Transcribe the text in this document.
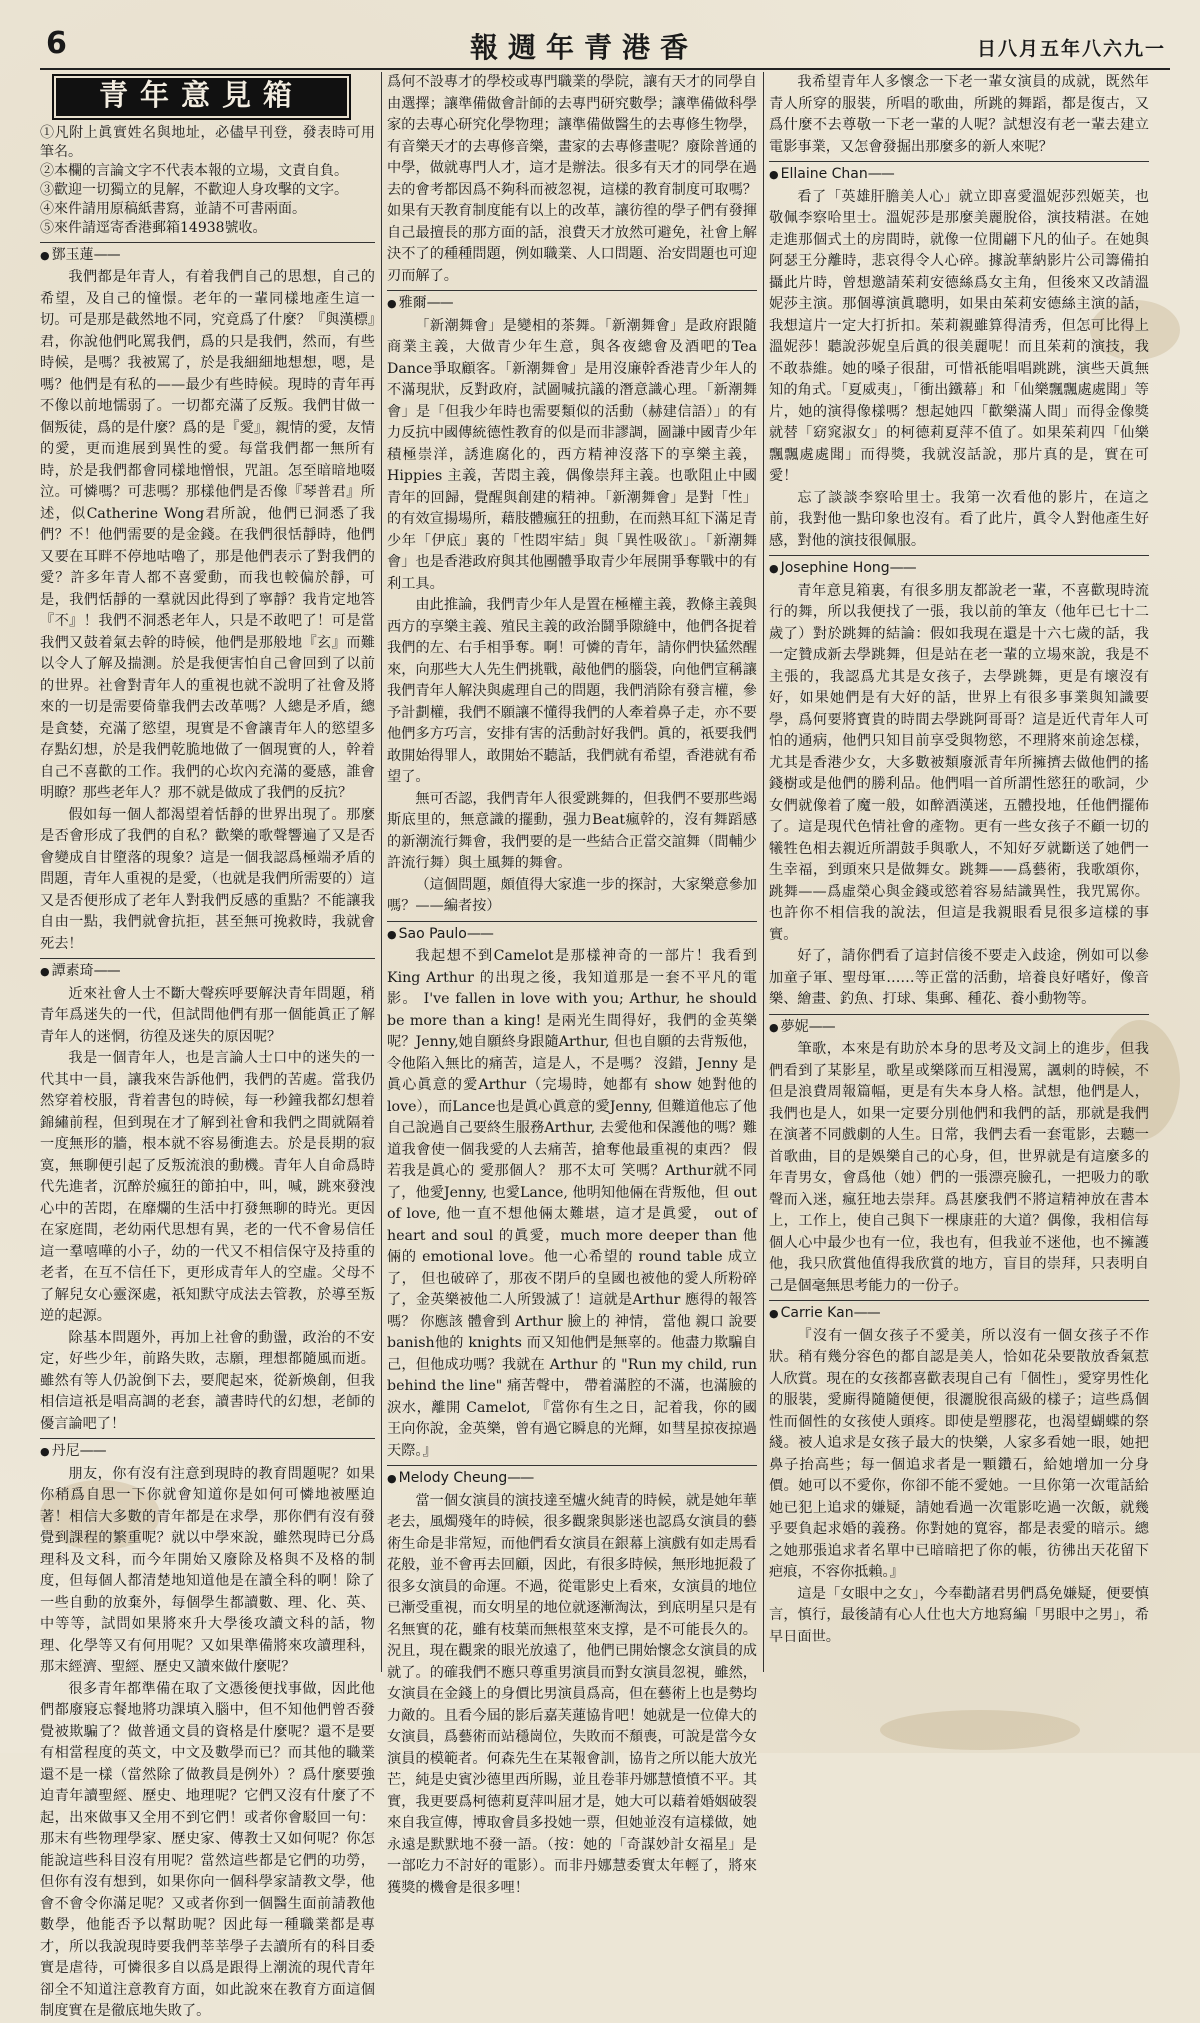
6	報週年青港香	日八月五年八六九一
青年意見箱
①凡附上眞實姓名與地址，必儘早刊登，發表時可用筆名。
②本欄的言論文字不代表本報的立場，文責自負。
③歡迎一切獨立的見解，不歡迎人身攻擊的文字。
④來件請用原稿紙書寫，並請不可書兩面。
⑤來件請逕寄香港郵箱14938號收。
● 鄧玉蓮——

我們都是年青人，有着我們自己的思想，自己的希望，及自己的憧憬。老年的一輩同樣地產生這一切。可是那是截然地不同，究竟爲了什麼？『與漢標』君，你說他們叱罵我們，爲的只是我們，然而，有些時候，是嗎？我被罵了，於是我細細地想想，嗯，是嗎？他們是有私的——最少有些時候。現時的青年再不像以前地懦弱了。一切都充滿了反叛。我們甘做一個叛徒，爲的是什麼？爲的是『愛』，親情的愛，友情的愛，更而進展到異性的愛。每當我們都一無所有時，於是我們都會同樣地憎恨，咒詛。怎至暗暗地啜泣。可憐嗎？可悲嗎？那樣他們是否像『琴普君』所述，似Catherine Wong君所說，他們已洞悉了我們？不！他們需要的是金錢。在我們很恬靜時，他們又要在耳畔不停地咕嚕了，那是他們表示了對我們的愛？許多年青人都不喜愛動，而我也較偏於靜，可是，我們恬靜的一羣就因此得到了寧靜？我肯定地答『不』！我們不洞悉老年人，只是不敢吧了！可是當我們又鼓着氣去幹的時候，他們是那般地『玄』而難以令人了解及揣測。於是我便害怕自己會回到了以前的世界。社會對青年人的重視也就不說明了社會及將來的一切是需要倚靠我們去改革嗎？人總是矛盾，總是貪婪，充滿了慾望，現實是不會讓青年人的慾望多存點幻想，於是我們乾脆地做了一個現實的人，幹着自己不喜歡的工作。我們的心坎內充滿的憂感，誰會明瞭？那些老年人？那不就是做成了我們的反抗？

假如每一個人都渴望着恬靜的世界出現了。那麼是否會形成了我們的自私？歡樂的歌聲響遍了又是否會變成自甘墮落的現象？這是一個我認爲極端矛盾的問題，青年人重視的是愛，（也就是我們所需要的）這又是否便形成了老年人對我們反感的重點？不能讓我自由一點，我們就會抗拒，甚至無可挽救時，我就會死去！

● 譚素琦——

近來社會人士不斷大聲疾呼要解決青年問題，稍青年爲迷失的一代，但試問他們有那一個能眞正了解青年人的迷惘，彷徨及迷失的原因呢？

我是一個青年人，也是言論人士口中的迷失的一代其中一員，讓我來告訴他們，我們的苦處。當我仍然穿着校服，背着書包的時候，每一秒鐘我都幻想着錦繡前程，但到現在才了解到社會和我們之間就隔着一度無形的牆，根本就不容易衝進去。於是長期的寂寞，無聊便引起了反叛流浪的動機。青年人自命爲時代先進者，沉醉於瘋狂的節拍中，叫，喊，跳來發洩心中的苦悶，在靡爛的生活中打發無聊的時光。更因在家庭間，老幼兩代思想有異，老的一代不會易信任這一羣嘻嘩的小子，幼的一代又不相信保守及持重的老者，在互不信任下，更形成青年人的空虛。父母不了解兒女心靈深處，祇知默守成法去管教，於導至叛逆的起源。

除基本問題外，再加上社會的動盪，政治的不安定，好些少年，前路失敗，志願，理想都隨風而逝。雖然有等人仍說倒下去，要爬起來，從新煥創，但我相信這祇是唱高調的老套，讀書時代的幻想，老師的優言論吧了！

● 丹尼——

朋友，你有沒有注意到現時的教育問題呢？如果你稍爲自思一下你就會知道你是如何可憐地被壓迫著！相信大多數的青年都是在求學，那你們有沒有發覺到課程的繁重呢？就以中學來說，雖然現時已分爲理科及文科，而今年開始又廢除及格與不及格的制度，但每個人都清楚地知道他是在讀全科的啊！除了一些自動的放棄外，每個學生都讀數、理、化、英、中等等，試問如果將來升大學後攻讀文科的話，物理、化學等又有何用呢？又如果準備將來攻讀理科，那末經濟、聖經、歷史又讀來做什麼呢？

很多青年都準備在取了文憑後便找事做，因此他們都廢寢忘餐地將功課填入腦中，但不知他們曾否發覺被欺騙了？做普通文員的資格是什麼呢？還不是要有相當程度的英文，中文及數學而已？而其他的職業還不是一樣（當然除了做教員是例外）？爲什麼要強迫青年讀聖經、歷史、地理呢？它們又沒有什麼了不起，出來做事又全用不到它們！或者你會駁回一句：那末有些物理學家、歷史家、傳教士又如何呢？你怎能說這些科目沒有用呢？當然這些都是它們的功勞，但你有沒有想到，如果你向一個科學家請教文學，他會不會令你滿足呢？又或者你到一個醫生面前請教他數學，他能否予以幫助呢？因此每一種職業都是專才，所以我說現時要我們莘莘學子去讀所有的科目委實是虐待，可憐很多自以爲是跟得上潮流的現代青年卻全不知道注意教育方面，如此說來在教育方面這個制度實在是徹底地失敗了。

爲何不設專才的學校或專門職業的學院，讓有天才的同學自由選擇；讓準備做會計師的去專門研究數學；讓準備做科學家的去專心研究化學物理；讓準備做醫生的去專修生物學，有音樂天才的去專修音樂，畫家的去專修畫呢？廢除普通的中學，做就專門人才，這才是辦法。很多有天才的同學在過去的會考都因爲不夠科而被忽視，這樣的教育制度可取嗎？如果有天教育制度能有以上的改革，讓彷徨的學子們有發揮自己最擅長的那方面的話，浪費天才放然可避免，社會上解決不了的種種問題，例如職業、人口問題、治安問題也可迎刃而解了。

● 雅爾——

「新潮舞會」是變相的茶舞。「新潮舞會」是政府跟隨商業主義，大做青少年生意，與各夜總會及酒吧的Tea Dance爭取顧客。「新潮舞會」是用沒廉幹香港青少年人的不滿現狀，反對政府，試圖喊抗議的潛意識心理。「新潮舞會」是「但我少年時也需要類似的活動（赫建信語）」的有力反抗中國傳統德性教育的似是而非謬調，圖謙中國青少年積極崇洋，誘進腐化的，西方精神沒落下的享樂主義，Hippies 主義，苦悶主義，偶像崇拜主義。也歌阻止中國青年的回歸，覺醒與創建的精神。「新潮舞會」是對「性」的有效宣揚場所，藉肢體瘋狂的扭動，在而熱耳紅下滿足青少年「伊底」裏的「性悶牢結」與「異性吸欲」。「新潮舞會」也是香港政府與其他團體爭取青少年展開爭奪戰中的有利工具。

由此推論，我們青少年人是置在極權主義，教條主義與西方的享樂主義、殖民主義的政治鬪爭隙縫中，他們各捉着我們的左、右手相爭奪。啊！可憐的青年，請你們快猛然醒來，向那些大人先生們挑戰，敲他們的腦袋，向他們宣稱讓我們青年人解決與處理自己的問題，我們消除有發言權，參予計劃權，我們不願讓不懂得我們的人牽着鼻子走，亦不要他們多方巧言，安排有害的活動討好我們。眞的，祇要我們敢開始得罪人，敢開始不聽話，我們就有希望，香港就有希望了。

無可否認，我們青年人很愛跳舞的，但我們不要那些竭斯底里的，無意識的擺動，强力Beat瘋幹的，沒有舞蹈感的新潮流行舞會，我們要的是一些結合正當交誼舞（間輔少許流行舞）與土風舞的舞會。

（這個問題，頗值得大家進一步的探討，大家樂意參加嗎？——編者按）

● Sao Paulo——

我起想不到Camelot是那樣神奇的一部片！我看到King Arthur 的出現之後，我知道那是一套不平凡的電影。 I've fallen in love with you; Arthur, he should be more than a king! 是兩光生間得好，我們的金英樂呢？Jenny,她自願終身跟隨Arthur, 但也自願的去背叛他，令他陷入無比的痛苦，這是人，不是嗎？ 沒錯，Jenny 是眞心眞意的愛Arthur（完場時，她都有 show 她對他的 love），而Lance也是眞心眞意的愛Jenny, 但難道他忘了他自己說過自己要終生服務Arthur, 去愛他和保護他的嗎？難道我會使一個我愛的人去痛苦，搶奪他最重視的東西？ 假若我是眞心的 愛那個人？ 那不太可 笑嗎？Arthur就不同了，他愛Jenny, 也愛Lance, 他明知他倆在背叛他，但 out of love, 他一直不想他倆太難堪，這才是眞愛， out of heart and soul 的眞愛，much more deeper than 他倆的 emotional love。他一心希望的 round table 成立了， 但也破碎了，那夜不閉戶的皇國也被他的愛人所粉碎了，金英樂被他二人所毀滅了！這就是Arthur 應得的報答嗎？ 你應該 體會到 Arthur 臉上的 神情， 當他 親口 說要 banish他的 knights 而又知他們是無辜的。他盡力欺騙自己，但他成功嗎？我就在 Arthur 的 "Run my child, run behind the line" 痛苦聲中， 帶着滿腔的不滿，也滿臉的淚水，離開 Camelot, 『當你有生之日，記着我，你的國王向你說，金英樂，曾有過它瞬息的光輝，如彗星掠夜掠過天際。』

● Melody Cheung——

當一個女演員的演技達至爐火純青的時候，就是她年華老去，風燭殘年的時候，很多觀衆與影迷也認爲女演員的藝術生命是非常短，而他們看女演員在銀幕上演戲有如走馬看花般，並不會再去回顧，因此，有很多時候，無形地扼殺了很多女演員的命運。不過，從電影史上看來，女演員的地位已漸受重視，而女明星的地位就逐漸淘汰，到底明星只是有名無實的花，雖有枝葉而無根莖來支撑，是不可能長久的。況且，現在觀衆的眼光放遠了，他們已開始懷念女演員的成就了。的確我們不應只尊重男演員而對女演員忽視，雖然，女演員在金錢上的身價比男演員爲高，但在藝術上也是勢均力敵的。且看今屆的影后嘉芙蓮協肯吧！她就是一位偉大的女演員，爲藝術而站穩崗位，失敗而不頹喪，可說是當今女演員的模範者。何森先生在某報會訓，協肯之所以能大放光芒，純是史賓沙德里西所賜，並且卷菲丹娜慧憤憤不平。其實，我更要爲柯德莉夏萍叫屈才是，她大可以藉着婚姻破裂來自我宣傳，博取會員多投她一票，但她並沒有這樣做，她永遠是默默地不發一語。（按：她的「奇謀妙計女福星」是一部吃力不討好的電影）。而非丹娜慧委實太年輕了，將來獲獎的機會是很多哩！

我希望青年人多懷念一下老一輩女演員的成就，既然年青人所穿的服裝，所唱的歌曲，所跳的舞蹈，都是復古，又爲什麼不去尊敬一下老一輩的人呢？試想沒有老一輩去建立電影事業，又怎會發掘出那麼多的新人來呢？

● Ellaine Chan——

看了「英雄肝膽美人心」就立即喜愛溫妮莎烈姬芙，也敬佩李察哈里士。溫妮莎是那麼美麗脫俗，演技精湛。在她走進那個式土的房間時，就像一位閒翩下凡的仙子。在她與阿瑟王分離時，悲哀得令人心碎。據說華納影片公司籌備拍攝此片時，曾想邀請茱莉安德絲爲女主角，但後來又改請溫妮莎主演。那個導演眞聰明，如果由茱莉安德絲主演的話，我想這片一定大打折扣。茱莉親雖算得清秀，但怎可比得上溫妮莎！聽說莎妮皇后眞的很美麗呢！而且茱莉的演技，我不敢恭維。她的嗓子很甜，可惜祇能唱唱跳跳，演些天眞無知的角式。「夏威夷」，「衝出鐵幕」和「仙樂飄飄處處聞」等片，她的演得像樣嗎？想起她四「歡樂滿人間」而得金像獎就替「窈窕淑女」的柯德莉夏萍不值了。如果茱莉四「仙樂飄飄處處聞」而得獎，我就沒話說，那片真的是，實在可愛！

忘了談談李察哈里士。我第一次看他的影片，在這之前，我對他一點印象也沒有。看了此片，眞令人對他產生好感，對他的演技很佩服。

● Josephine Hong——

青年意見箱裏，有很多朋友都說老一輩，不喜歡現時流行的舞，所以我便找了一張，我以前的筆友（他年已七十二歲了）對於跳舞的結論：假如我現在還是十六七歲的話，我一定贊成新去學跳舞，但是站在老一輩的立場來說，我是不主張的，我認爲尤其是女孩子，去學跳舞，更是有壞沒有好，如果她們是有大好的話，世界上有很多事業與知識要學，爲何要將寶貴的時間去學跳阿哥哥？這是近代青年人可怕的通病，他們只知目前享受與物慾，不理將來前途怎樣，尤其是香港少女，大多數被類廢派青年所擁擠去做他們的搖錢樹或是他們的勝利品。他們唱一首所謂性慾狂的歌詞，少女們就像着了魔一般，如醉酒漢迷，五體投地，任他們擺佈了。這是現代色情社會的產物。更有一些女孩子不顧一切的犧牲色相去親近所謂鼓手與歌人，不知好歹就斷送了她們一生幸福，到頭來只是做舞女。跳舞——爲藝術，我歌頌你，跳舞——爲虛榮心與金錢或慾着容易結識異性，我咒罵你。也許你不相信我的說法，但這是我親眼看見很多這樣的事實。

好了，請你們看了這封信後不要走入歧途，例如可以參加童子軍、聖母軍……等正當的活動，培養良好嗜好，像音樂、繪畫、釣魚、打球、集郵、種花、養小動物等。

● 夢妮——

筆歌，本來是有助於本身的思考及文詞上的進步，但我們看到了某影星，歌星或樂隊而互相漫罵，諷刺的時候，不但是浪費周報篇幅，更是有失本身人格。試想，他們是人，我們也是人，如果一定要分別他們和我們的話，那就是我們在演著不同戲劇的人生。日常，我們去看一套電影，去聽一首歌曲，目的是娛樂自己的心身，但，世界就是有這麼多的年青男女，會爲他（她）們的一張漂亮臉孔，一把吸力的歌聲而入迷，瘋狂地去崇拜。爲甚麼我們不將這精神放在書本上，工作上，使自己與下一棵康莊的大道？偶像，我相信每個人心中最少也有一位，我也有，但我並不迷他，也不擁護他，我只欣賞他值得我欣賞的地方，盲目的崇拜，只表明自己是個毫無思考能力的一份子。

● Carrie Kan——

『沒有一個女孩子不愛美，所以沒有一個女孩子不作狀。稍有幾分容色的都自認是美人，恰如花朵要散放香氣惹人欣賞。現在的女孩都喜歡表現自己有「個性」，愛穿男性化的服裝，愛廝得隨隨便便，很灑脫很高級的樣子；這些爲個性而個性的女孩使人頭疼。即使是塑膠花，也渴望蝴蝶的祭綫。被人追求是女孩子最大的快樂，人家多看她一眼，她把鼻子抬高些；每一個追求者是一顆鑽石，給她增加一分身價。她可以不愛你，你卻不能不愛她。一旦你第一次電話給她已犯上追求的嫌疑，請她看過一次電影吃過一次飯，就幾乎要負起求婚的義務。你對她的寬容，都是表愛的暗示。總之她那張追求者名單中已暗暗把了你的帳，彷彿出天花留下疤痕，不容你抵賴。』

這是「女眼中之女」，今奉勸諸君男們爲免嫌疑，便要慎言，慎行，最後請有心人仕也大方地寫編「男眼中之男」，希早日面世。
